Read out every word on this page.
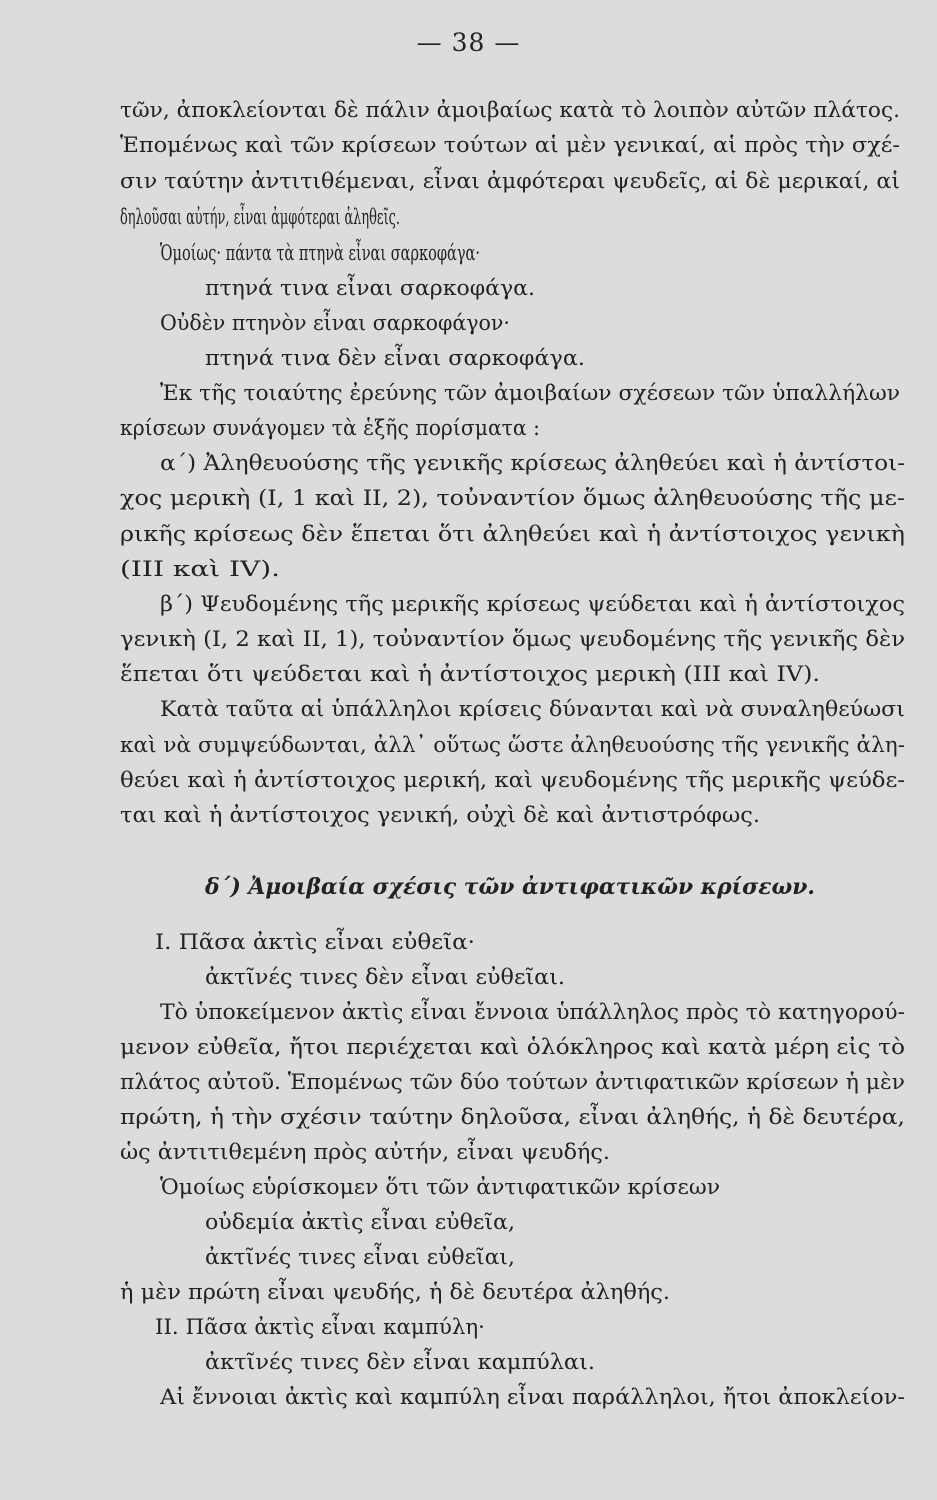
— 38 —
τῶν, ἀποκλείονται δὲ πάλιν ἀμοιβαίως κατὰ τὸ λοιπὸν αὐτῶν πλάτος.
Ἑπομένως καὶ τῶν κρίσεων τούτων αἱ μὲν γενικαί, αἱ πρὸς τὴν σχέ-
σιν ταύτην ἀντιτιθέμεναι, εἶναι ἀμφότεραι ψευδεῖς, αἱ δὲ μερικαί, αἱ
δηλοῦσαι αὐτήν, εἶναι ἀμφότεραι ἀληθεῖς.
Ὁμοίως· πάντα τὰ πτηνὰ εἶναι σαρκοφάγα·
πτηνά τινα εἶναι σαρκοφάγα.
Οὐδὲν πτηνὸν εἶναι σαρκοφάγον·
πτηνά τινα δὲν εἶναι σαρκοφάγα.
Ἐκ τῆς τοιαύτης ἐρεύνης τῶν ἀμοιβαίων σχέσεων τῶν ὑπαλλήλων
κρίσεων συνάγομεν τὰ ἑξῆς πορίσματα :
α΄) Ἀληθευούσης τῆς γενικῆς κρίσεως ἀληθεύει καὶ ἡ ἀντίστοι-
χος μερικὴ (I, 1 καὶ II, 2), τοὐναντίον ὅμως ἀληθευούσης τῆς με-
ρικῆς κρίσεως δὲν ἕπεται ὅτι ἀληθεύει καὶ ἡ ἀντίστοιχος γενικὴ
(III καὶ IV).
β΄) Ψευδομένης τῆς μερικῆς κρίσεως ψεύδεται καὶ ἡ ἀντίστοιχος
γενικὴ (I, 2 καὶ II, 1), τοὐναντίον ὅμως ψευδομένης τῆς γενικῆς δὲν
ἕπεται ὅτι ψεύδεται καὶ ἡ ἀντίστοιχος μερικὴ (III καὶ IV).
Κατὰ ταῦτα αἱ ὑπάλληλοι κρίσεις δύνανται καὶ νὰ συναληθεύωσι
καὶ νὰ συμψεύδωνται, ἀλλ᾽ οὕτως ὥστε ἀληθευούσης τῆς γενικῆς ἀλη-
θεύει καὶ ἡ ἀντίστοιχος μερική, καὶ ψευδομένης τῆς μερικῆς ψεύδε-
ται καὶ ἡ ἀντίστοιχος γενική, οὐχὶ δὲ καὶ ἀντιστρόφως.
δ΄) Ἀμοιβαία σχέσις τῶν ἀντιφατικῶν κρίσεων.
I. Πᾶσα ἀκτὶς εἶναι εὐθεῖα·
ἀκτῖνές τινες δὲν εἶναι εὐθεῖαι.
Τὸ ὑποκείμενον ἀκτὶς εἶναι ἔννοια ὑπάλληλος πρὸς τὸ κατηγορού-
μενον εὐθεῖα, ἤτοι περιέχεται καὶ ὁλόκληρος καὶ κατὰ μέρη εἰς τὸ
πλάτος αὐτοῦ. Ἑπομένως τῶν δύο τούτων ἀντιφατικῶν κρίσεων ἡ μὲν
πρώτη, ἡ τὴν σχέσιν ταύτην δηλοῦσα, εἶναι ἀληθής, ἡ δὲ δευτέρα,
ὡς ἀντιτιθεμένη πρὸς αὐτήν, εἶναι ψευδής.
Ὁμοίως εὑρίσκομεν ὅτι τῶν ἀντιφατικῶν κρίσεων
οὐδεμία ἀκτὶς εἶναι εὐθεῖα,
ἀκτῖνές τινες εἶναι εὐθεῖαι,
ἡ μὲν πρώτη εἶναι ψευδής, ἡ δὲ δευτέρα ἀληθής.
II. Πᾶσα ἀκτὶς εἶναι καμπύλη·
ἀκτῖνές τινες δὲν εἶναι καμπύλαι.
Αἱ ἔννοιαι ἀκτὶς καὶ καμπύλη εἶναι παράλληλοι, ἤτοι ἀποκλείον-
